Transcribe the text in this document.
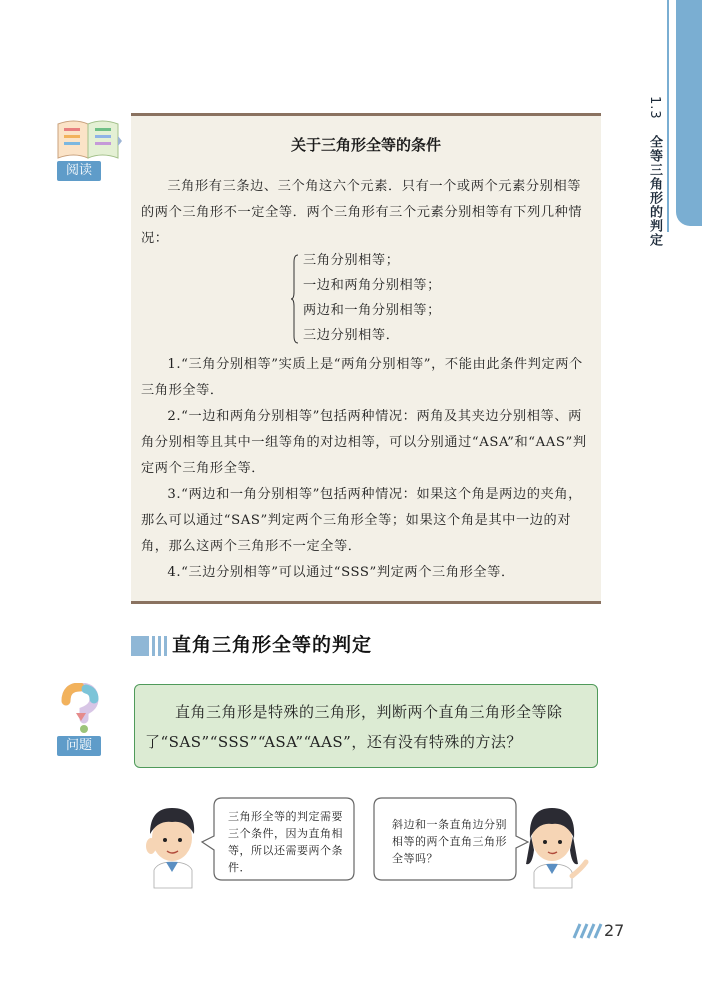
1.3 全等三角形的判定
阅读
关于三角形全等的条件

三角形有三条边、三个角这六个元素．只有一个或两个元素分别相等的两个三角形不一定全等．两个三角形有三个元素分别相等有下列几种情况：

三角分别相等；
一边和两角分别相等；
两边和一角分别相等；
三边分别相等．

1.“三角分别相等”实质上是“两角分别相等”，不能由此条件判定两个三角形全等．

2.“一边和两角分别相等”包括两种情况：两角及其夹边分别相等、两角分别相等且其中一组等角的对边相等，可以分别通过“ASA”和“AAS”判定两个三角形全等．

3.“两边和一角分别相等”包括两种情况：如果这个角是两边的夹角，那么可以通过“SAS”判定两个三角形全等；如果这个角是其中一边的对角，那么这两个三角形不一定全等．

4.“三边分别相等”可以通过“SSS”判定两个三角形全等．

直角三角形全等的判定
问题

直角三角形是特殊的三角形，判断两个直角三角形全等除了“SAS”“SSS”“ASA”“AAS”，还有没有特殊的方法？

三角形全等的判定需要三个条件，因为直角相等，所以还需要两个条件．

斜边和一条直角边分别相等的两个直角三角形全等吗？

27
